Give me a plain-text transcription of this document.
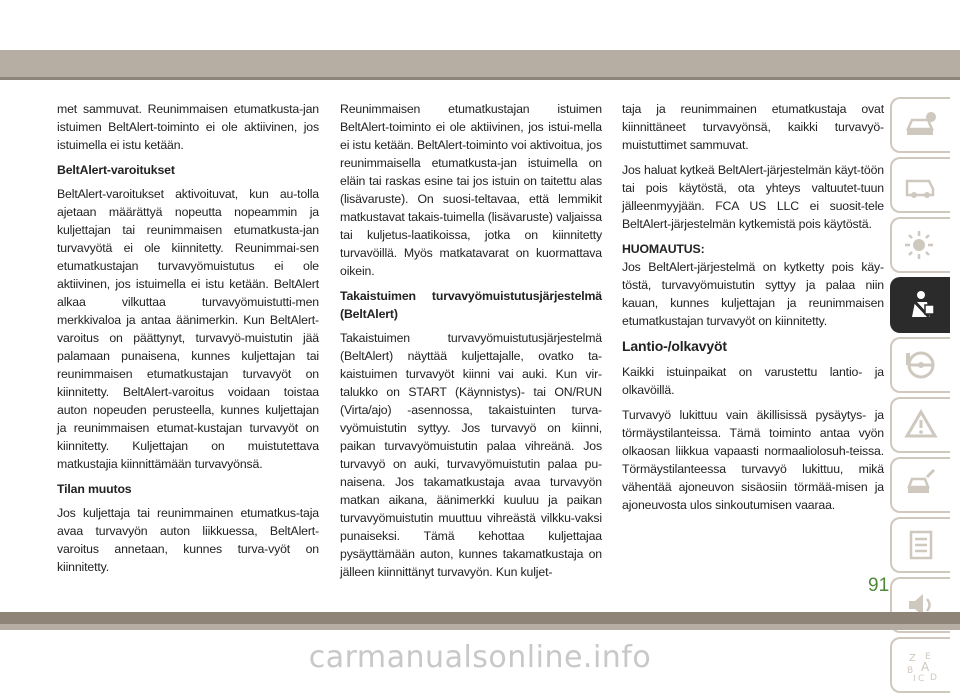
met sammuvat. Reunimmaisen etumatkusta-jan istuimen BeltAlert-toiminto ei ole aktiivinen, jos istuimella ei istu ketään.

BeltAlert-varoitukset

BeltAlert-varoitukset aktivoituvat, kun au-tolla ajetaan määrättyä nopeutta nopeammin ja kuljettajan tai reunimmaisen etumatkusta-jan turvavyötä ei ole kiinnitetty. Reunimmai-sen etumatkustajan turvavyömuistutus ei ole aktiivinen, jos istuimella ei istu ketään. BeltAlert alkaa vilkuttaa turvavyömuistutti-men merkkivaloa ja antaa äänimerkin. Kun BeltAlert-varoitus on päättynyt, turvavyö-muistutin jää palamaan punaisena, kunnes kuljettajan tai reunimmaisen etumatkustajan turvavyöt on kiinnitetty. BeltAlert-varoitus voidaan toistaa auton nopeuden perusteella, kunnes kuljettajan ja reunimmaisen etumat-kustajan turvavyöt on kiinnitetty. Kuljettajan on muistutettava matkustajia kiinnittämään turvavyönsä.

Tilan muutos

Jos kuljettaja tai reunimmainen etumatkus-taja avaa turvavyön auton liikkuessa, BeltAlert-varoitus annetaan, kunnes turva-vyöt on kiinnitetty.

Reunimmaisen etumatkustajan istuimen BeltAlert-toiminto ei ole aktiivinen, jos istui-mella ei istu ketään. BeltAlert-toiminto voi aktivoitua, jos reunimmaisella etumatkusta-jan istuimella on eläin tai raskas esine tai jos istuin on taitettu alas (lisävaruste). On suosi-teltavaa, että lemmikit matkustavat takais-tuimella (lisävaruste) valjaissa tai kuljetus-laatikoissa, jotka on kiinnitetty turvavöillä. Myös matkatavarat on kuormattava oikein.

Takaistuimen turvavyömuistutusjärjestelmä
(BeltAlert)

Takaistuimen turvavyömuistutusjärjestelmä (BeltAlert) näyttää kuljettajalle, ovatko ta-kaistuimen turvavyöt kiinni vai auki. Kun vir-talukko on START (Käynnistys)- tai ON/RUN (Virta/ajo) -asennossa, takaistuinten turva-vyömuistutin syttyy. Jos turvavyö on kiinni, paikan turvavyömuistutin palaa vihreänä. Jos turvavyö on auki, turvavyömuistutin palaa pu-naisena. Jos takamatkustaja avaa turvavyön matkan aikana, äänimerkki kuuluu ja paikan turvavyömuistutin muuttuu vihreästä vilkku-vaksi punaiseksi. Tämä kehottaa kuljettajaa pysäyttämään auton, kunnes takamatkustaja on jälleen kiinnittänyt turvavyön. Kun kuljet-

taja ja reunimmainen etumatkustaja ovat kiinnittäneet turvavyönsä, kaikki turvavyö-muistuttimet sammuvat.

Jos haluat kytkeä BeltAlert-järjestelmän käyt-töön tai pois käytöstä, ota yhteys valtuutet-tuun jälleenmyyjään. FCA US LLC ei suosit-tele BeltAlert-järjestelmän kytkemistä pois käytöstä.

HUOMAUTUS:

Jos BeltAlert-järjestelmä on kytketty pois käy-töstä, turvavyömuistutin syttyy ja palaa niin kauan, kunnes kuljettajan ja reunimmaisen etumatkustajan turvavyöt on kiinnitetty.

Lantio-/olkavyöt

Kaikki istuinpaikat on varustettu lantio- ja olkavöillä.

Turvavyö lukittuu vain äkillisissä pysäytys- ja törmäystilanteissa. Tämä toiminto antaa vyön olkaosan liikkua vapaasti normaaliolosuh-teissa. Törmäystilanteessa turvavyö lukittuu, mikä vähentää ajoneuvon sisäosiin törmää-misen ja ajoneuvosta ulos sinkoutumisen vaaraa.

Z E
B A
I C D
91
carmanualsonline.info
